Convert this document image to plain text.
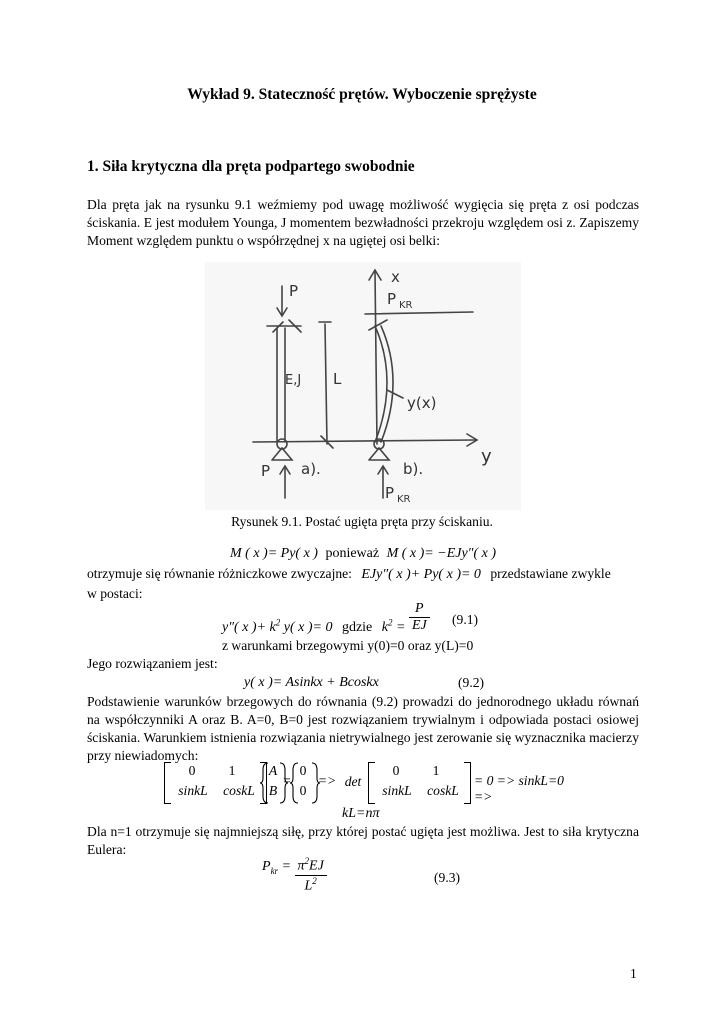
Wykład 9. Stateczność prętów. Wyboczenie sprężyste
1. Siła krytyczna dla pręta podpartego swobodnie
Dla pręta jak na rysunku 9.1 weźmiemy pod uwagę możliwość wygięcia się pręta z osi podczas ściskania. E jest modułem Younga, J momentem bezwładności przekroju względem osi z. Zapiszemy Moment względem punktu o współrzędnej x na ugiętej osi belki:
P
x
P KR
E,J L
y(x)
y
P a).	b).
P KR
Rysunek 9.1. Postać ugięta pręta przy ściskaniu.
M ( x )= Py( x ) ponieważ M ( x )= −EJy″( x )
otrzymuje się równanie różniczkowe zwyczajne: EJy″( x )+ Py( x )= 0 przedstawiane zwykle
w postaci:
y″( x )+ $k^2$ y( x )= 0 gdzie $k^2 = \frac{P}{EJ} (9.1)$
z warunkami brzegowymi y(0)=0 oraz y(L)=0
Jego rozwiązaniem jest:
y( x )= Asinkx + Bcoskx	(9.2)
Podstawienie warunków brzegowych do równania (9.2) prowadzi do jednorodnego układu równań na współczynniki A oraz B. A=0, B=0 jest rozwiązaniem trywialnym i odpowiada postaci osiowej ściskania. Warunkiem istnienia rozwiązania nietrywialnego jest zerowanie się wyznacznika macierzy przy niewiadomych:
0	1
sinkL	coskL
A
B
=
0
0
=> det
0	1
sinkL	coskL
= 0 => sinkL=0 =>
kL=nπ
Dla n=1 otrzymuje się najmniejszą siłę, przy której postać ugięta jest możliwa. Jest to siła krytyczna Eulera:
$P_{kr} = \frac{\pi^2EJ}{L^2}$	(9.3)
1
